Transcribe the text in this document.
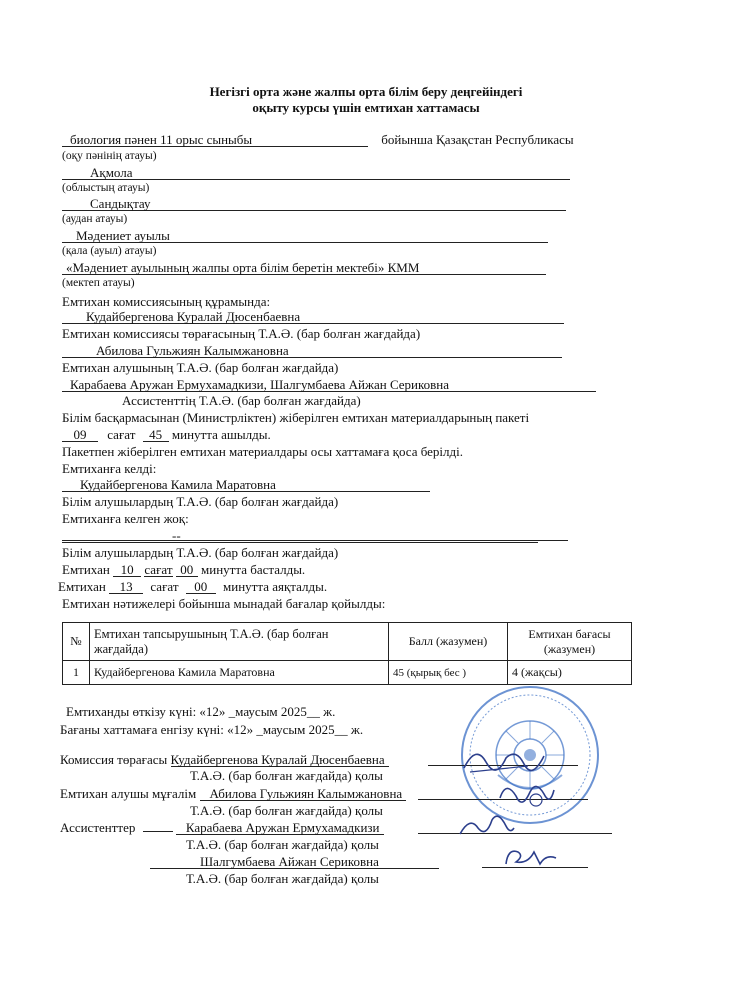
Негізгі орта және жалпы орта білім беру деңгейіндегі
оқыту курсы үшін емтихан хаттамасы
биология пәнен 11 орыс сыныбы	бойынша Қазақстан Республикасы
(оқу пәнінің атауы)
Ақмола
(облыстың атауы)
Сандықтау
(аудан атауы)
Мәдениет ауылы
(қала (ауыл) атауы)
«Мәдениет ауылының жалпы орта білім беретін мектебі» КММ
(мектеп атауы)
Емтихан комиссиясының құрамында:
Кудайбергенова Куралай Дюсенбаевна
Емтихан комиссиясы төрағасының Т.А.Ә. (бар болған жағдайда)
Абилова Гульжиян Калымжановна
Емтихан алушының Т.А.Ә. (бар болған жағдайда)
Карабаева Аружан Ермухамадкизи, Шалгумбаева Айжан Сериковна
Ассистенттің Т.А.Ә. (бар болған жағдайда)
Білім басқармасынан (Министрліктен) жіберілген емтихан материалдарының пакеті
09 сағат 45 минутта ашылды.
Пакетпен жіберілген емтихан материалдары осы хаттамаға қоса берілді.
Емтиханға келді:
Кудайбергенова Камила Маратовна
Білім алушылардың Т.А.Ә. (бар болған жағдайда)
Емтиханға келген жоқ:
--
Білім алушылардың Т.А.Ә. (бар болған жағдайда)
Емтихан 10 сағат 00 минутта басталды.
Емтихан 13 сағат 00 минутта аяқталды.
Емтихан нәтижелері бойынша мынадай бағалар қойылды:
№	Емтихан тапсырушының Т.А.Ә. (бар болған жағдайда)	Балл (жазумен)	Емтихан бағасы (жазумен)
1	Кудайбергенова Камила Маратовна	45 (қырық бес )	4 (жақсы)
Емтиханды өткізу күні: «12» _маусым 2025__ ж.
Бағаны хаттамаға енгізу күні: «12» _маусым 2025__ ж.
Комиссия төрағасы Кудайбергенова Куралай Дюсенбаевна
Т.А.Ә. (бар болған жағдайда) қолы
Емтихан алушы мұғалім Абилова Гульжиян Калымжановна
Т.А.Ә. (бар болған жағдайда) қолы
Ассистенттер	Карабаева Аружан Ермухамадкизи
Т.А.Ә. (бар болған жағдайда) қолы
Шалгумбаева Айжан Сериковна
Т.А.Ә. (бар болған жағдайда) қолы
